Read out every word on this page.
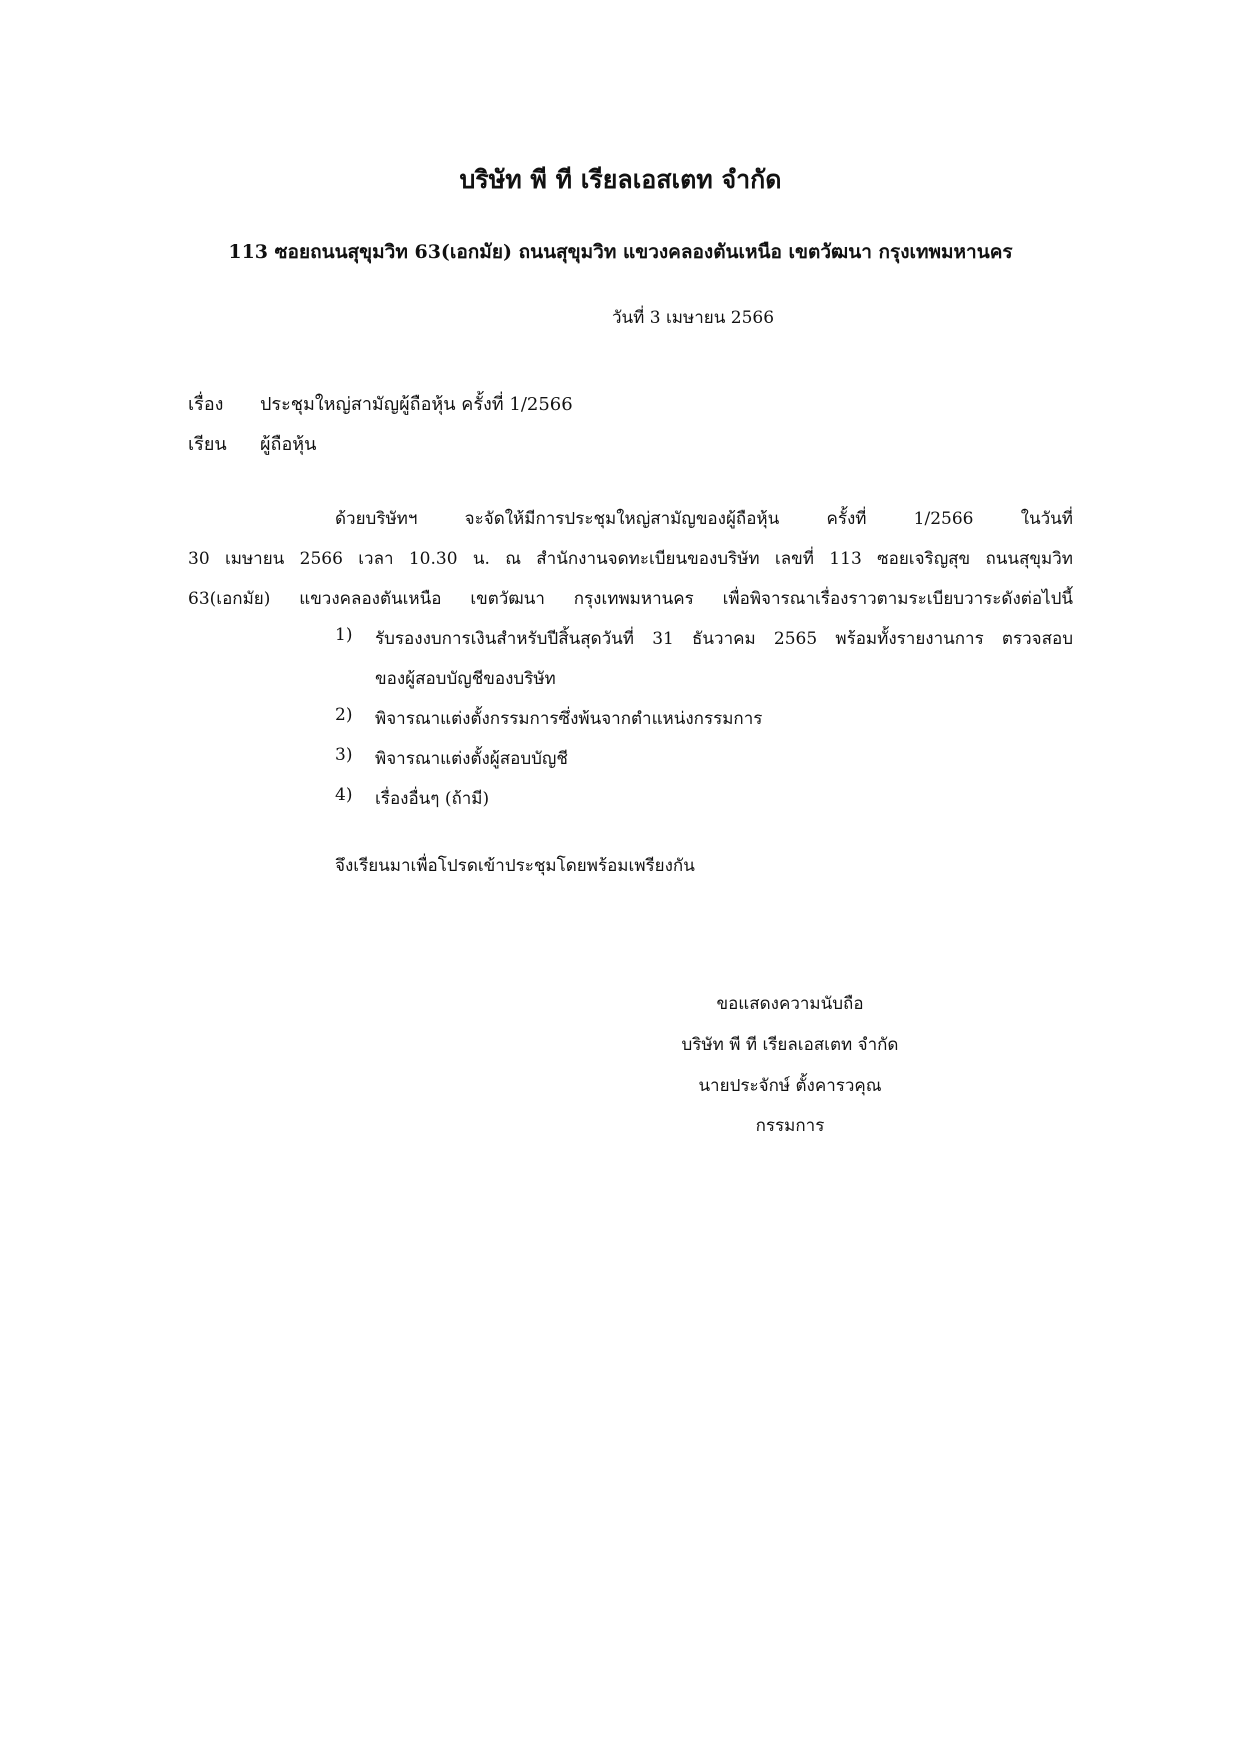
บริษัท พี ที เรียลเอสเตท จำกัด
113 ซอยถนนสุขุมวิท 63(เอกมัย) ถนนสุขุมวิท แขวงคลองตันเหนือ เขตวัฒนา กรุงเทพมหานคร
วันที่ 3 เมษายน 2566
เรื่อง ประชุมใหญ่สามัญผู้ถือหุ้น ครั้งที่ 1/2566
เรียน ผู้ถือหุ้น
ด้วยบริษัทฯ จะจัดให้มีการประชุมใหญ่สามัญของผู้ถือหุ้น ครั้งที่ 1/2566 ในวันที่
30 เมษายน 2566 เวลา 10.30 น. ณ สำนักงานจดทะเบียนของบริษัท เลขที่ 113 ซอยเจริญสุข ถนนสุขุมวิท
63(เอกมัย) แขวงคลองตันเหนือ เขตวัฒนา กรุงเทพมหานคร เพื่อพิจารณาเรื่องราวตามระเบียบวาระดังต่อไปนี้
1) รับรองงบการเงินสำหรับปีสิ้นสุดวันที่ 31 ธันวาคม 2565 พร้อมทั้งรายงานการ ตรวจสอบ
ของผู้สอบบัญชีของบริษัท
2) พิจารณาแต่งตั้งกรรมการซึ่งพ้นจากตำแหน่งกรรมการ
3) พิจารณาแต่งตั้งผู้สอบบัญชี
4) เรื่องอื่นๆ (ถ้ามี)
จึงเรียนมาเพื่อโปรดเข้าประชุมโดยพร้อมเพรียงกัน
ขอแสดงความนับถือ
บริษัท พี ที เรียลเอสเตท จำกัด
นายประจักษ์ ตั้งคารวคุณ
กรรมการ
